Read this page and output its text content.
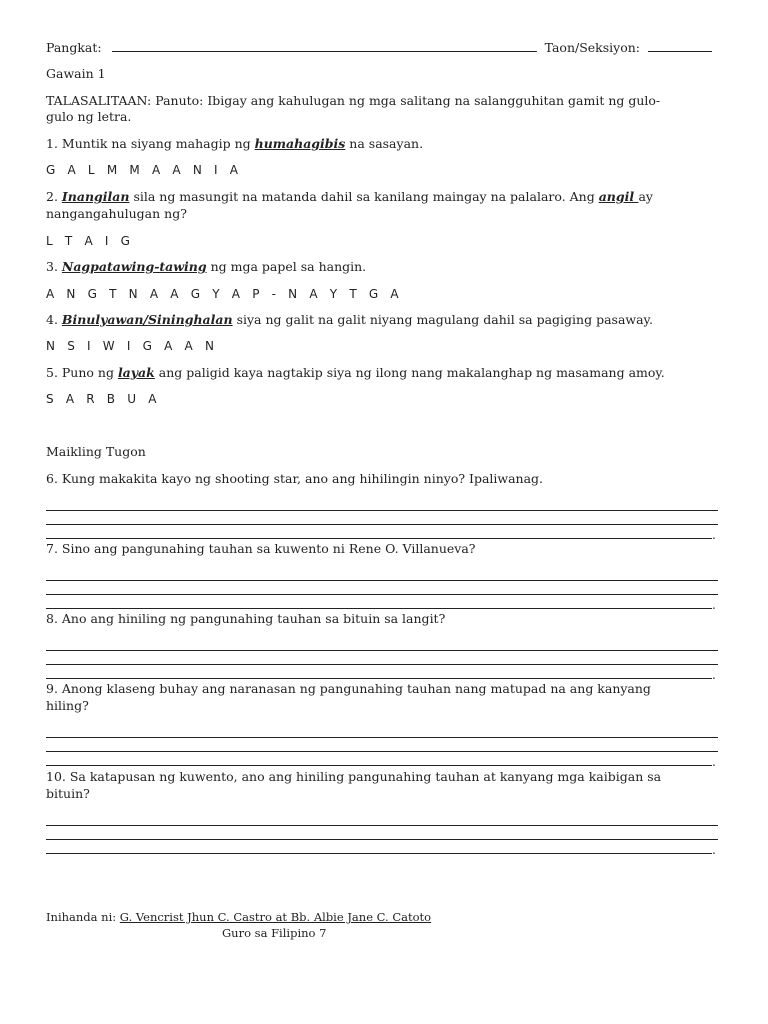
Pangkat:	Taon/Seksiyon:
Gawain 1
TALASALITAAN: Panuto: Ibigay ang kahulugan ng mga salitang na salangguhitan gamit ng gulo-
gulo ng letra.
1. Muntik na siyang mahagip ng humahagibis na sasayan.
G A L M M A A N I A
2. Inangilan sila ng masungit na matanda dahil sa kanilang maingay na palalaro. Ang angil ay
nangangahulugan ng?
L T A I G
3. Nagpatawing-tawing ng mga papel sa hangin.
A N G T N A A G Y A P - N A Y T G A
4. Binulyawan/Sininghalan siya ng galit na galit niyang magulang dahil sa pagiging pasaway.
N S I W I G A A N
5. Puno ng layak ang paligid kaya nagtakip siya ng ilong nang makalanghap ng masamang amoy.
S A R B U A
Maikling Tugon
6. Kung makakita kayo ng shooting star, ano ang hihilingin ninyo? Ipaliwanag.
.
7. Sino ang pangunahing tauhan sa kuwento ni Rene O. Villanueva?
.
8. Ano ang hiniling ng pangunahing tauhan sa bituin sa langit?
.
9. Anong klaseng buhay ang naranasan ng pangunahing tauhan nang matupad na ang kanyang
hiling?
.
10. Sa katapusan ng kuwento, ano ang hiniling pangunahing tauhan at kanyang mga kaibigan sa
bituin?
.
Inihanda ni: G. Vencrist Jhun C. Castro at Bb. Albie Jane C. Catoto
Guro sa Filipino 7
